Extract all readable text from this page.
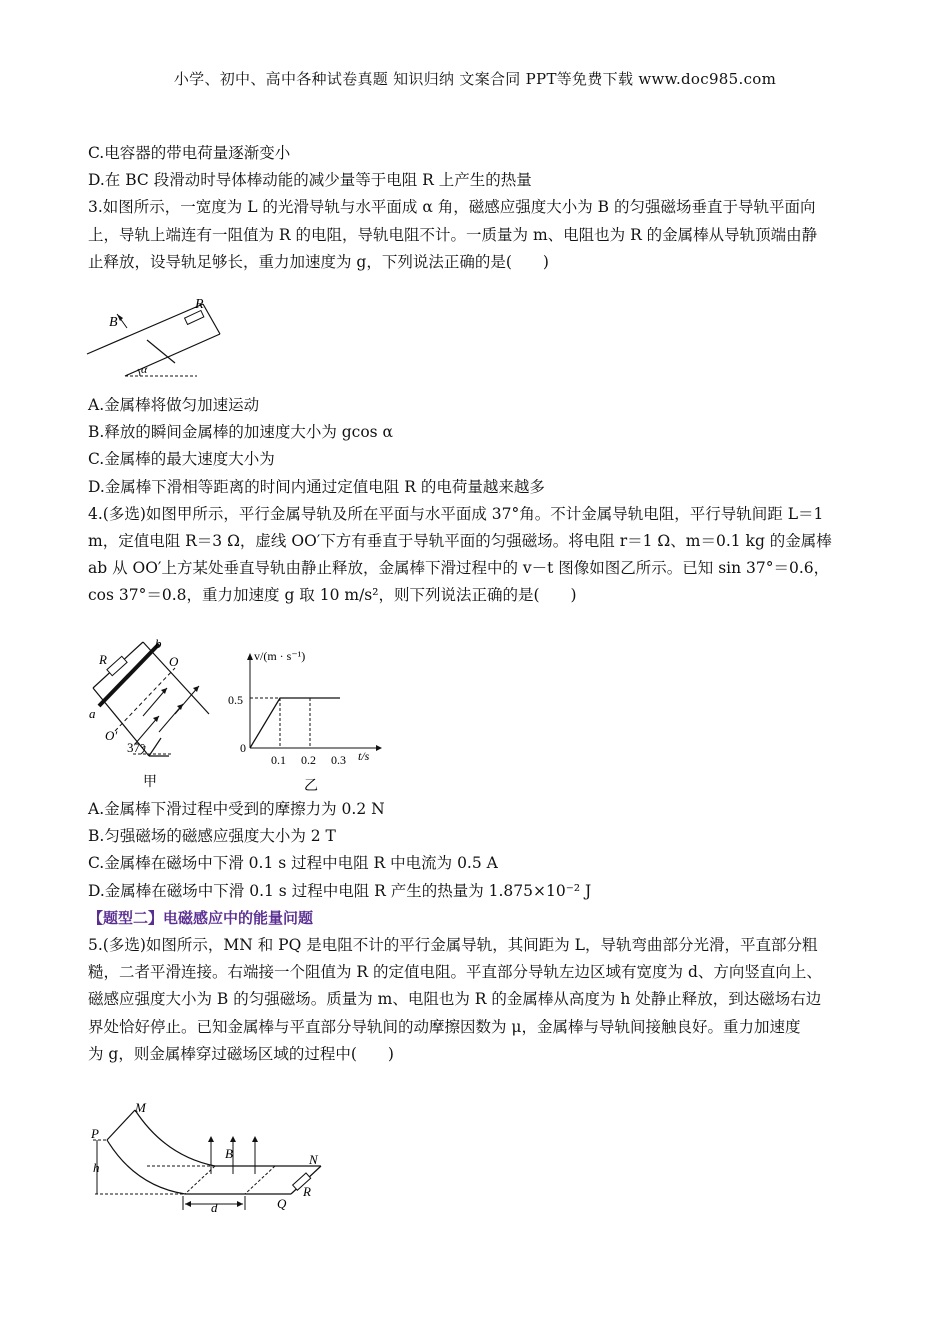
小学、初中、高中各种试卷真题 知识归纳 文案合同 PPT等免费下载 www.doc985.com
C.电容器的带电荷量逐渐变小
D.在 BC 段滑动时导体棒动能的减少量等于电阻 R 上产生的热量
3.如图所示，一宽度为 L 的光滑导轨与水平面成 α 角，磁感应强度大小为 B 的匀强磁场垂直于导轨平面向
上，导轨上端连有一阻值为 R 的电阻，导轨电阻不计。一质量为 m、电阻也为 R 的金属棒从导轨顶端由静
止释放，设导轨足够长，重力加速度为 g，下列说法正确的是(　　)
B
R
α
A.金属棒将做匀加速运动
B.释放的瞬间金属棒的加速度大小为 gcos α
C.金属棒的最大速度大小为
D.金属棒下滑相等距离的时间内通过定值电阻 R 的电荷量越来越多
4.(多选)如图甲所示，平行金属导轨及所在平面与水平面成 37°角。不计金属导轨电阻，平行导轨间距 L＝1
m，定值电阻 R＝3 Ω，虚线 OO′下方有垂直于导轨平面的匀强磁场。将电阻 r＝1 Ω、m＝0.1 kg 的金属棒
ab 从 OO′上方某处垂直导轨由静止释放，金属棒下滑过程中的 v－t 图像如图乙所示。已知 sin 37°＝0.6，
cos 37°＝0.8，重力加速度 g 取 10 m/s²，则下列说法正确的是(　　)
R
b
O
a
O′
37°
甲
0.1 0.2 0.3
v/(m · s⁻¹)
t/s
0.5
0
乙
A.金属棒下滑过程中受到的摩擦力为 0.2 N
B.匀强磁场的磁感应强度大小为 2 T
C.金属棒在磁场中下滑 0.1 s 过程中电阻 R 中电流为 0.5 A
D.金属棒在磁场中下滑 0.1 s 过程中电阻 R 产生的热量为 1.875×10⁻² J
【题型二】电磁感应中的能量问题
5.(多选)如图所示，MN 和 PQ 是电阻不计的平行金属导轨，其间距为 L，导轨弯曲部分光滑，平直部分粗
糙，二者平滑连接。右端接一个阻值为 R 的定值电阻。平直部分导轨左边区域有宽度为 d、方向竖直向上、
磁感应强度大小为 B 的匀强磁场。质量为 m、电阻也为 R 的金属棒从高度为 h 处静止释放，到达磁场右边
界处恰好停止。已知金属棒与平直部分导轨间的动摩擦因数为 μ，金属棒与导轨间接触良好。重力加速度
为 g，则金属棒穿过磁场区域的过程中(　　)
M
P
h
B	N
R
Q
d
